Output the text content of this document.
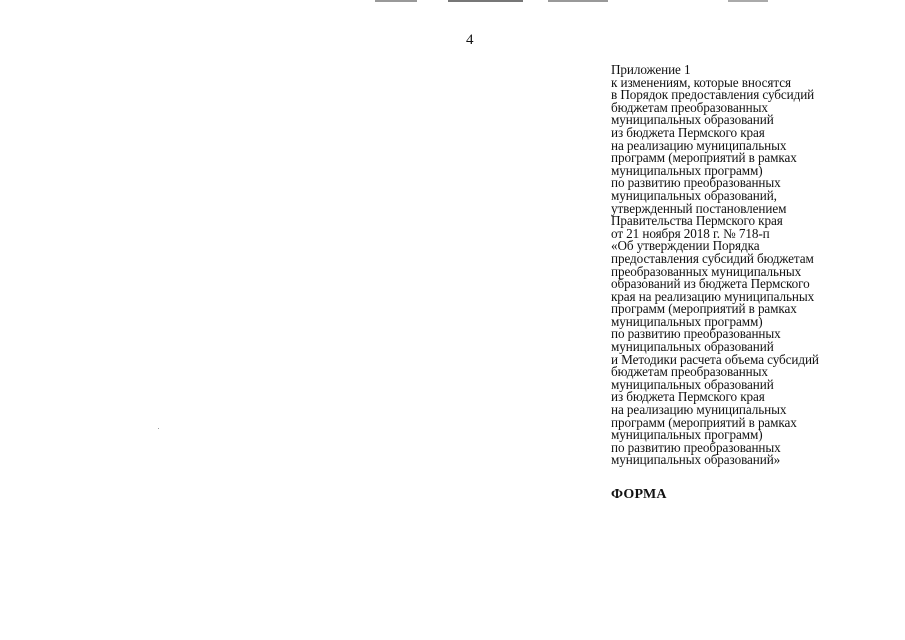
4
Приложение 1
к изменениям, которые вносятся
в Порядок предоставления субсидий
бюджетам преобразованных
муниципальных образований
из бюджета Пермского края
на реализацию муниципальных
программ (мероприятий в рамках
муниципальных программ)
по развитию преобразованных
муниципальных образований,
утвержденный постановлением
Правительства Пермского края
от 21 ноября 2018 г. № 718-п
«Об утверждении Порядка
предоставления субсидий бюджетам
преобразованных муниципальных
образований из бюджета Пермского
края на реализацию муниципальных
программ (мероприятий в рамках
муниципальных программ)
по развитию преобразованных
муниципальных образований
и Методики расчета объема субсидий
бюджетам преобразованных
муниципальных образований
из бюджета Пермского края
на реализацию муниципальных
программ (мероприятий в рамках
муниципальных программ)
по развитию преобразованных
муниципальных образований»
ФОРМА
